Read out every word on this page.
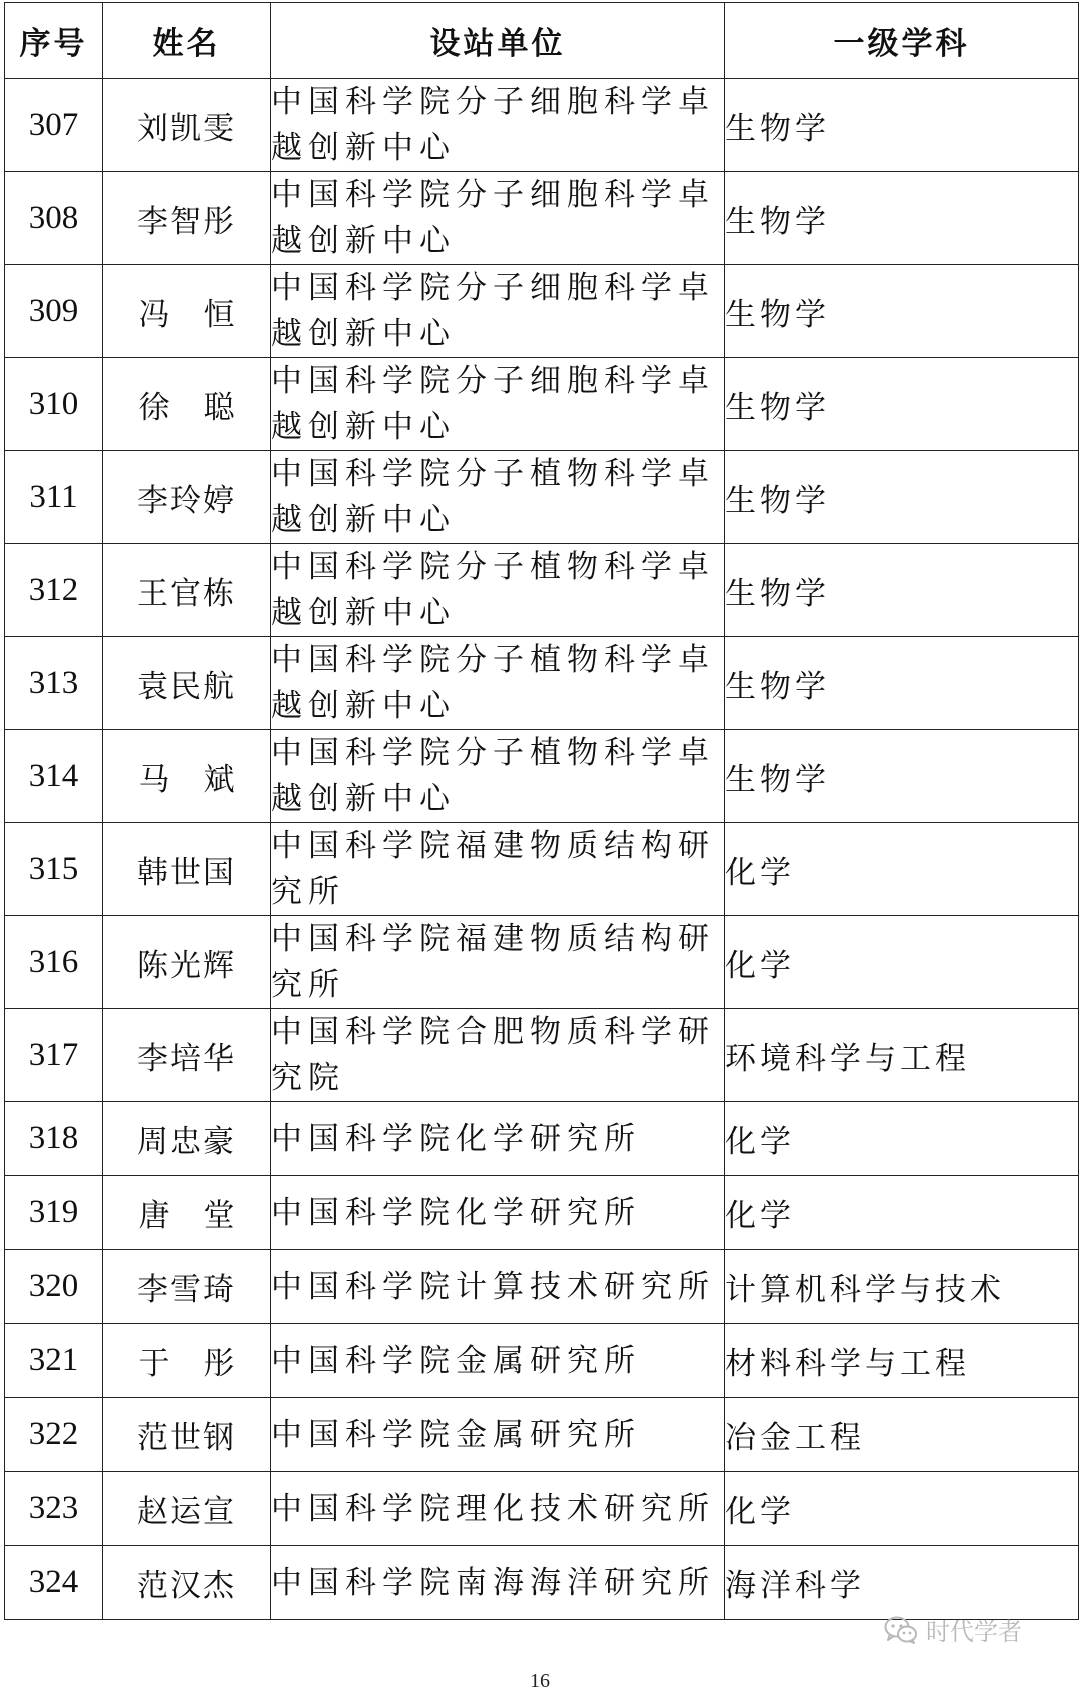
序号	姓名	设站单位	一级学科
307	刘凯雯	中国科学院分子细胞科学卓越创新中心	生物学
308	李智彤	中国科学院分子细胞科学卓越创新中心	生物学
309	冯恒	中国科学院分子细胞科学卓越创新中心	生物学
310	徐聪	中国科学院分子细胞科学卓越创新中心	生物学
311	李玲婷	中国科学院分子植物科学卓越创新中心	生物学
312	王官栋	中国科学院分子植物科学卓越创新中心	生物学
313	袁民航	中国科学院分子植物科学卓越创新中心	生物学
314	马斌	中国科学院分子植物科学卓越创新中心	生物学
315	韩世国	中国科学院福建物质结构研究所	化学
316	陈光辉	中国科学院福建物质结构研究所	化学
317	李培华	中国科学院合肥物质科学研究院	环境科学与工程
318	周忠豪	中国科学院化学研究所	化学
319	唐堂	中国科学院化学研究所	化学
320	李雪琦	中国科学院计算技术研究所	计算机科学与技术
321	于彤	中国科学院金属研究所	材料科学与工程
322	范世钢	中国科学院金属研究所	冶金工程
323	赵运宣	中国科学院理化技术研究所	化学
324	范汉杰	中国科学院南海海洋研究所	海洋科学
时代学者
16
